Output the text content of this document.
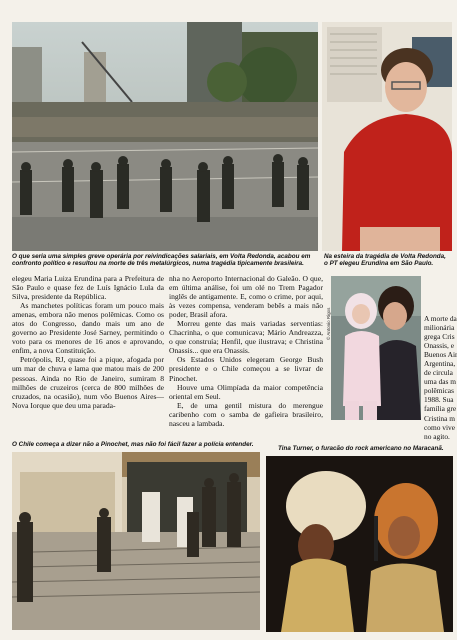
O que seria uma simples greve operária por reivindicações salariais, em Volta Redonda, acabou em confronto político e resultou na morte de três metalúrgicos, numa tragédia tipicamente brasileira.
Na esteira da tragédia de Volta Redonda, o PT elegeu Erundina em São Paulo.

elegeu Maria Luiza Erundina para a Prefeitura de São Paulo e quase fez de Luís Ignácio Lula da Silva, presidente da República.

As manchetes políticas foram um pouco mais amenas, embora não menos polêmicas. Como os atos do Congresso, dando mais um ano de governo ao Presidente José Sarney, permitindo o voto para os menores de 16 anos e aprovando, enfim, a nova Constituição.

Petrópolis, RJ, quase foi a pique, afogada por um mar de chuva e lama que matou mais de 200 pessoas. Ainda no Rio de Janeiro, sumiram 8 milhões de cruzeiros (cerca de 800 milhões de cruzados, na ocasião), num vôo Buenos Aires—Nova Iorque que deu uma parada-

nha no Aeroporto Internacional do Galeão. O que, em última análise, foi um olé no Trem Pagador inglês de antigamente. E, como o crime, por aqui, às vezes compensa, venderam bebês a mais não poder, Brasil afora.

Morreu gente das mais variadas serventias: Chacrinha, o que comunicava; Mário Andreazza, o que construía; Henfil, que ilustrava; e Christina Onassis... que era Onassis.

Os Estados Unidos elegeram George Bush presidente e o Chile começou a se livrar de Pinochet.

Houve uma Olimpíada da maior competência oriental em Seul.

E, de uma gentil mistura do merengue caribenho com o samba de gafieira brasileiro, nasceu a lambada.

© Antonio Rigos	A morte da
milionária
grega Cris
Onassis, e
Buenos Air
Argentina,
de circula
uma das m
polêmicas
1988. Sua
família gre
Cristina m
como vive
no agito.
O Chile começa a dizer não a Pinochet, mas não foi fácil fazer a polícia entender.
Tina Turner, o furacão do rock americano no Maracanã.
